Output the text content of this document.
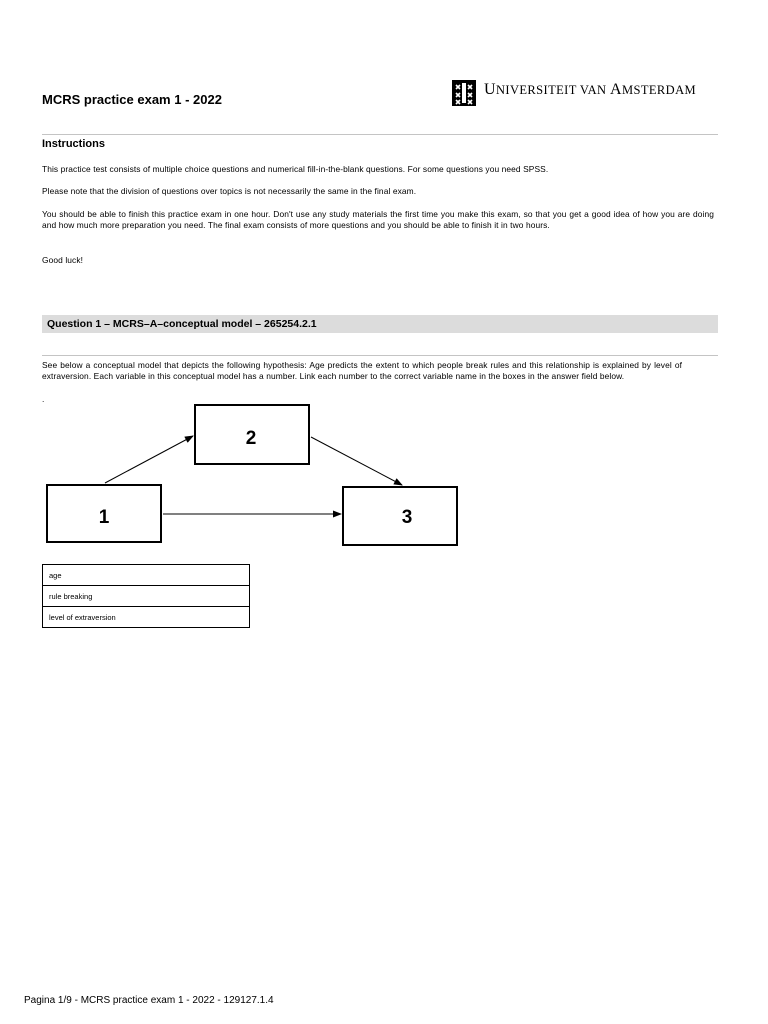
MCRS practice exam 1 - 2022
UNIVERSITEIT VAN AMSTERDAM
Instructions
This practice test consists of multiple choice questions and numerical fill-in-the-blank questions. For some questions you need SPSS.
Please note that the division of questions over topics is not necessarily the same in the final exam.
You should be able to finish this practice exam in one hour. Don't use any study materials the first time you make this exam, so that you get a good idea of how you are doing and how much more preparation you need. The final exam consists of more questions and you should be able to finish it in two hours.
Good luck!
Question 1 – MCRS–A–conceptual model – 265254.2.1
See below a conceptual model that depicts the following hypothesis: Age predicts the extent to which people break rules and this relationship is explained by level of extraversion. Each variable in this conceptual model has a number. Link each number to the correct variable name in the boxes in the answer field below.
.
1
2
3
age
rule breaking
level of extraversion
Pagina 1/9 - MCRS practice exam 1 - 2022 - 129127.1.4
